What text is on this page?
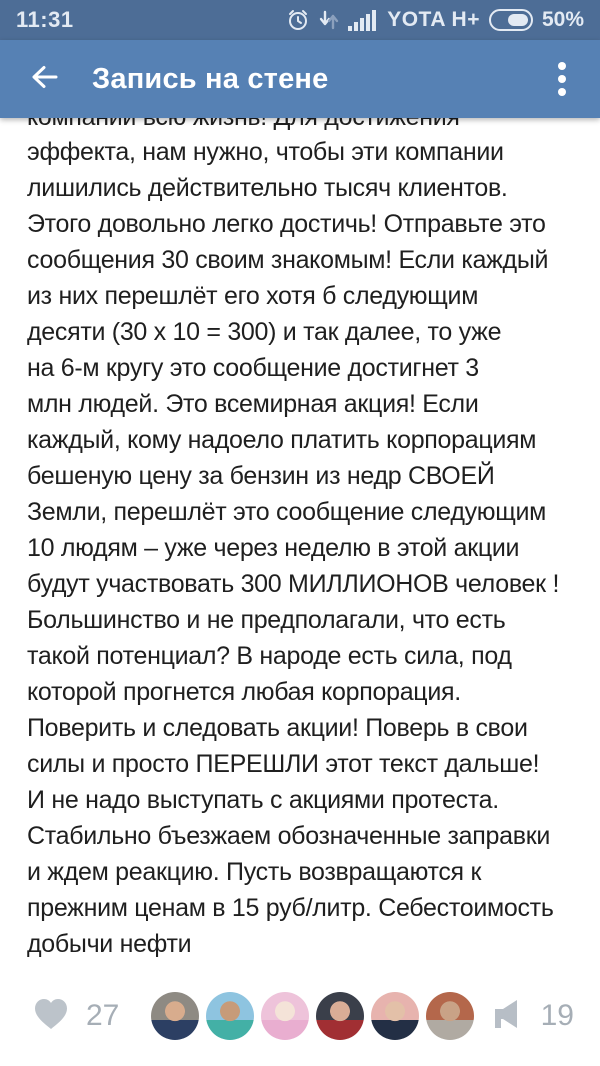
11:31	YOTA H+	50%
Запись на стене
эффекта, нам нужно, чтобы эти компании
лишились действительно тысяч клиентов.
Этого довольно легко достичь! Отправьте это
сообщения 30 своим знакомым! Если каждый
из них перешлёт его хотя б следующим
десяти (30 х 10 = 300) и так далее, то уже
на 6-м кругу это сообщение достигнет 3
млн людей. Это всемирная акция! Если
каждый, кому надоело платить корпорациям
бешеную цену за бензин из недр СВОЕЙ
Земли, перешлёт это сообщение следующим
10 людям – уже через неделю в этой акции
будут участвовать 300 МИЛЛИОНОВ человек !
Большинство и не предполагали, что есть
такой потенциал? В народе есть сила, под
которой прогнется любая корпорация.
Поверить и следовать акции! Поверь в свои
силы и просто ПЕРЕШЛИ этот текст дальше!
И не надо выступать с акциями протеста.
Стабильно бъезжаем обозначенные заправки
и ждем реакцию. Пусть возвращаются к
прежним ценам в 15 руб/литр. Себестоимость
добычи нефти
27	19
